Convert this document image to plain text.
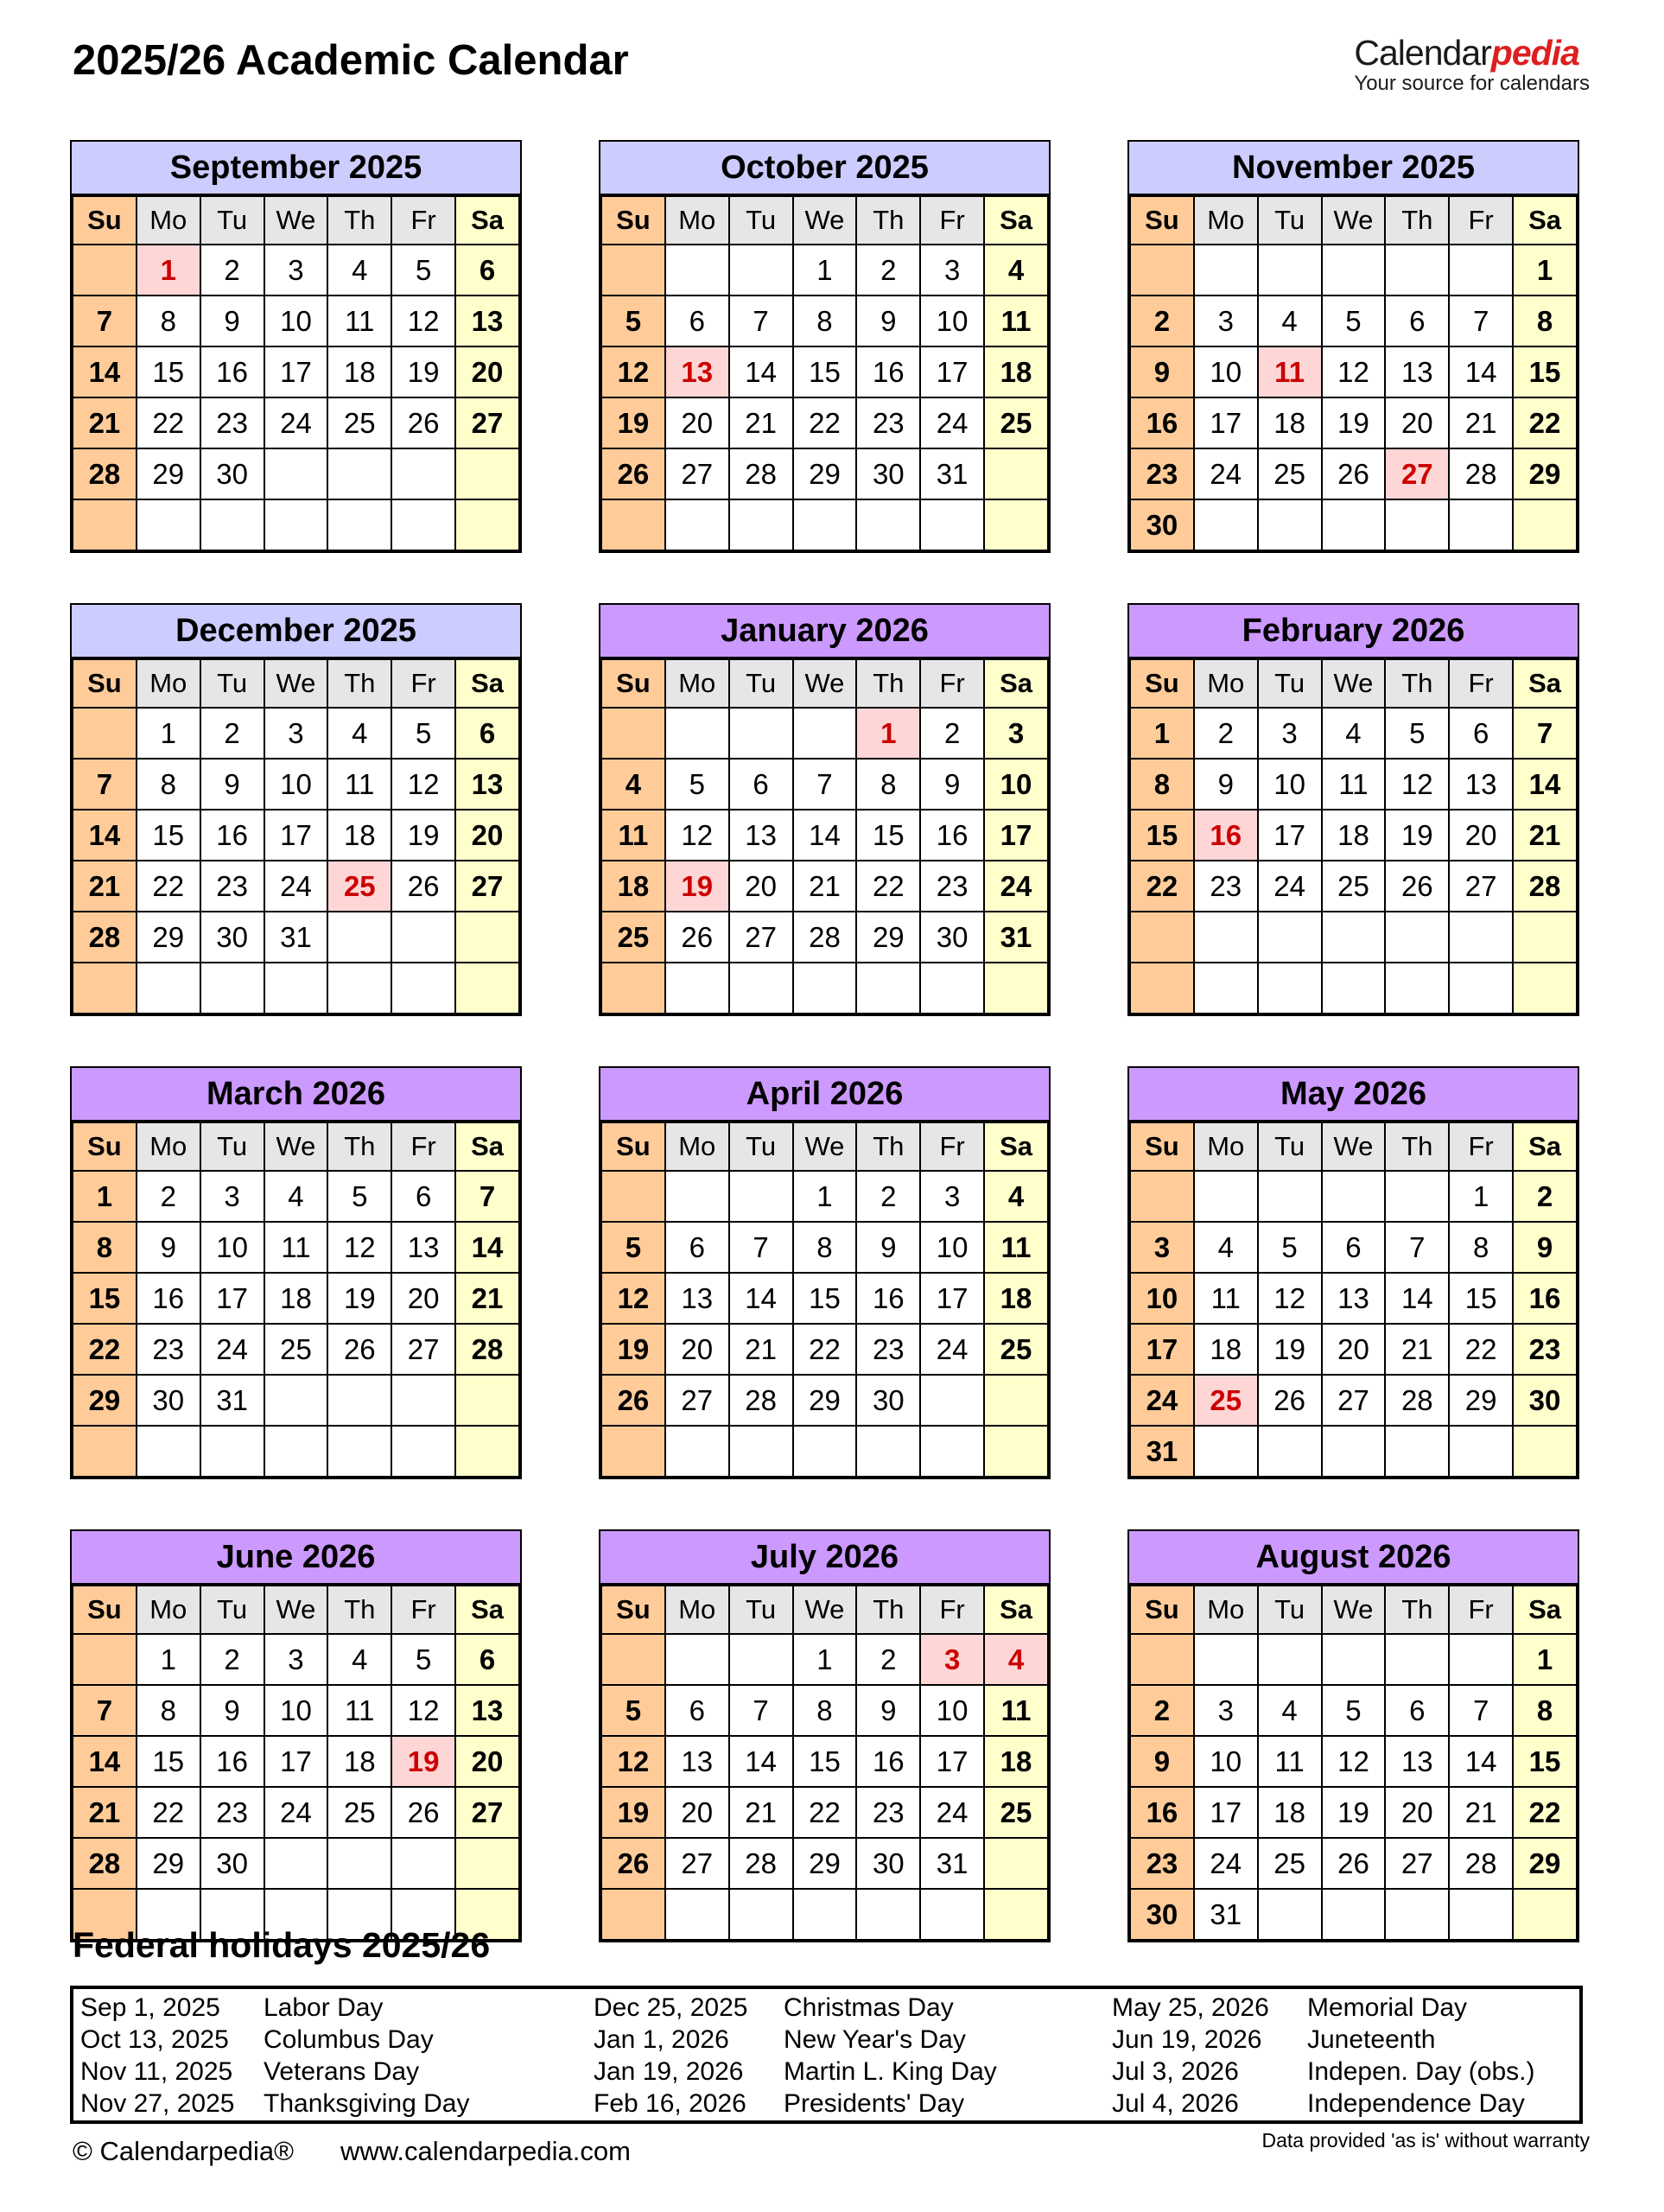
2025/26 Academic Calendar	Calendarpedia
Your source for calendars
September 2025
Su	Mo	Tu	We	Th	Fr	Sa
	1	2	3	4	5	6
7	8	9	10	11	12	13
14	15	16	17	18	19	20
21	22	23	24	25	26	27
28	29	30				

October 2025
Su	Mo	Tu	We	Th	Fr	Sa
			1	2	3	4
5	6	7	8	9	10	11
12	13	14	15	16	17	18
19	20	21	22	23	24	25
26	27	28	29	30	31	

November 2025
Su	Mo	Tu	We	Th	Fr	Sa
						1
2	3	4	5	6	7	8
9	10	11	12	13	14	15
16	17	18	19	20	21	22
23	24	25	26	27	28	29
30						
December 2025
Su	Mo	Tu	We	Th	Fr	Sa
	1	2	3	4	5	6
7	8	9	10	11	12	13
14	15	16	17	18	19	20
21	22	23	24	25	26	27
28	29	30	31			

January 2026
Su	Mo	Tu	We	Th	Fr	Sa
				1	2	3
4	5	6	7	8	9	10
11	12	13	14	15	16	17
18	19	20	21	22	23	24
25	26	27	28	29	30	31

February 2026
Su	Mo	Tu	We	Th	Fr	Sa
1	2	3	4	5	6	7
8	9	10	11	12	13	14
15	16	17	18	19	20	21
22	23	24	25	26	27	28

March 2026
Su	Mo	Tu	We	Th	Fr	Sa
1	2	3	4	5	6	7
8	9	10	11	12	13	14
15	16	17	18	19	20	21
22	23	24	25	26	27	28
29	30	31				

April 2026
Su	Mo	Tu	We	Th	Fr	Sa
			1	2	3	4
5	6	7	8	9	10	11
12	13	14	15	16	17	18
19	20	21	22	23	24	25
26	27	28	29	30		

May 2026
Su	Mo	Tu	We	Th	Fr	Sa
					1	2
3	4	5	6	7	8	9
10	11	12	13	14	15	16
17	18	19	20	21	22	23
24	25	26	27	28	29	30
31						
June 2026
Su	Mo	Tu	We	Th	Fr	Sa
	1	2	3	4	5	6
7	8	9	10	11	12	13
14	15	16	17	18	19	20
21	22	23	24	25	26	27
28	29	30				

July 2026
Su	Mo	Tu	We	Th	Fr	Sa
			1	2	3	4
5	6	7	8	9	10	11
12	13	14	15	16	17	18
19	20	21	22	23	24	25
26	27	28	29	30	31	

August 2026
Su	Mo	Tu	We	Th	Fr	Sa
						1
2	3	4	5	6	7	8
9	10	11	12	13	14	15
16	17	18	19	20	21	22
23	24	25	26	27	28	29
30	31					
Federal holidays 2025/26
Sep 1, 2025	Labor Day	Dec 25, 2025	Christmas Day	May 25, 2026	Memorial Day
Oct 13, 2025	Columbus Day	Jan 1, 2026	New Year's Day	Jun 19, 2026	Juneteenth
Nov 11, 2025	Veterans Day	Jan 19, 2026	Martin L. King Day	Jul 3, 2026	Indepen. Day (obs.)
Nov 27, 2025	Thanksgiving Day	Feb 16, 2026	Presidents' Day	Jul 4, 2026	Independence Day
© Calendarpedia® www.calendarpedia.com	Data provided 'as is' without warranty
